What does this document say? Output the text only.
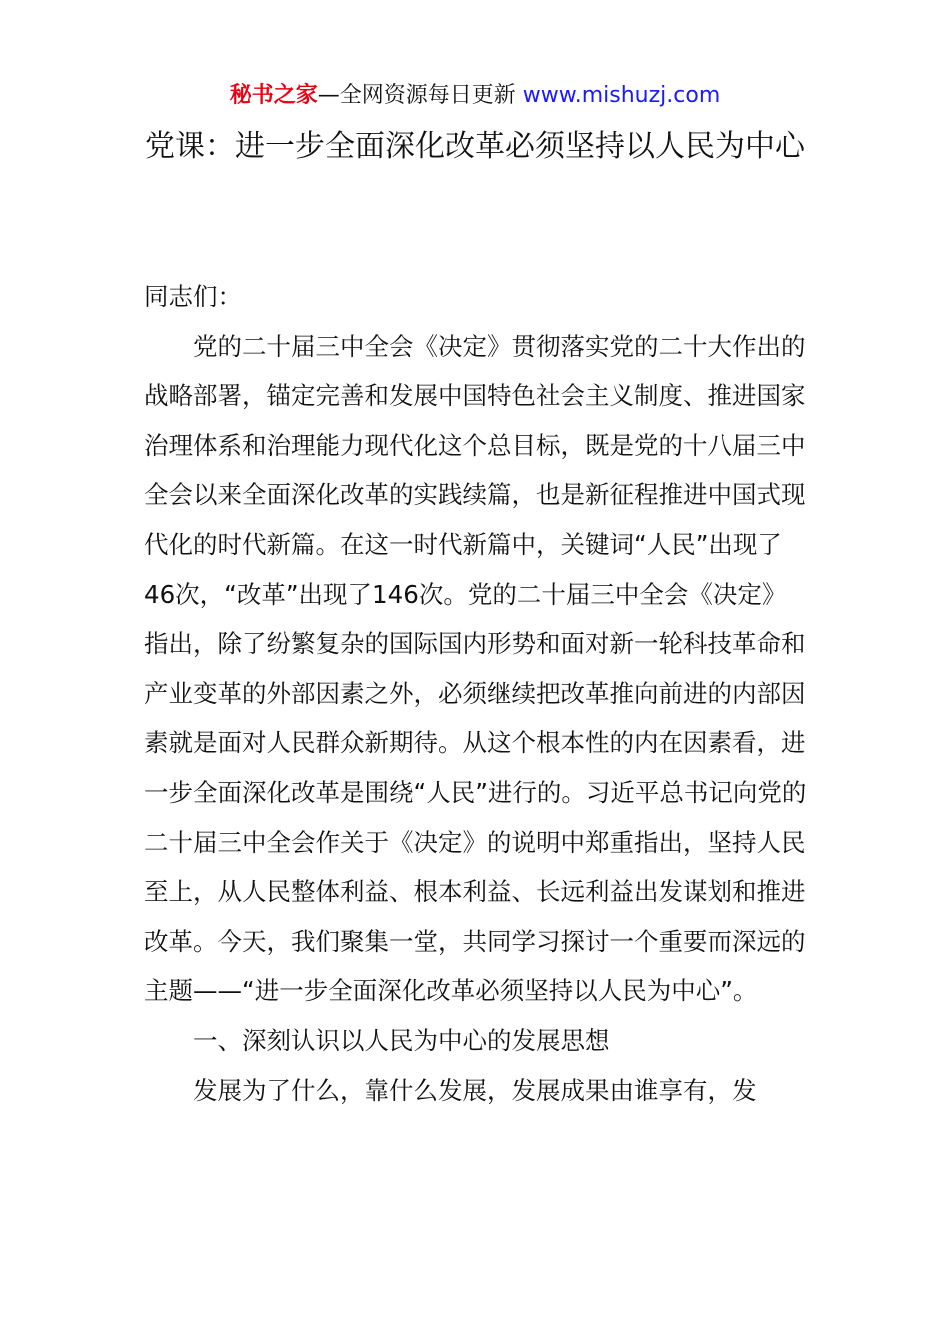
秘书之家—全网资源每日更新 www.mishuzj.com
党课：进一步全面深化改革必须坚持以人民为中心

同志们：

党的二十届三中全会《决定》贯彻落实党的二十大作出的战略部署，锚定完善和发展中国特色社会主义制度、推进国家治理体系和治理能力现代化这个总目标，既是党的十八届三中全会以来全面深化改革的实践续篇，也是新征程推进中国式现代化的时代新篇。在这一时代新篇中，关键词“人民”出现了46次，“改革”出现了146次。党的二十届三中全会《决定》指出，除了纷繁复杂的国际国内形势和面对新一轮科技革命和产业变革的外部因素之外，必须继续把改革推向前进的内部因素就是面对人民群众新期待。从这个根本性的内在因素看，进一步全面深化改革是围绕“人民”进行的。习近平总书记向党的二十届三中全会作关于《决定》的说明中郑重指出，坚持人民至上，从人民整体利益、根本利益、长远利益出发谋划和推进改革。今天，我们聚集一堂，共同学习探讨一个重要而深远的主题——“进一步全面深化改革必须坚持以人民为中心”。

一、深刻认识以人民为中心的发展思想

发展为了什么，靠什么发展，发展成果由谁享有，发
